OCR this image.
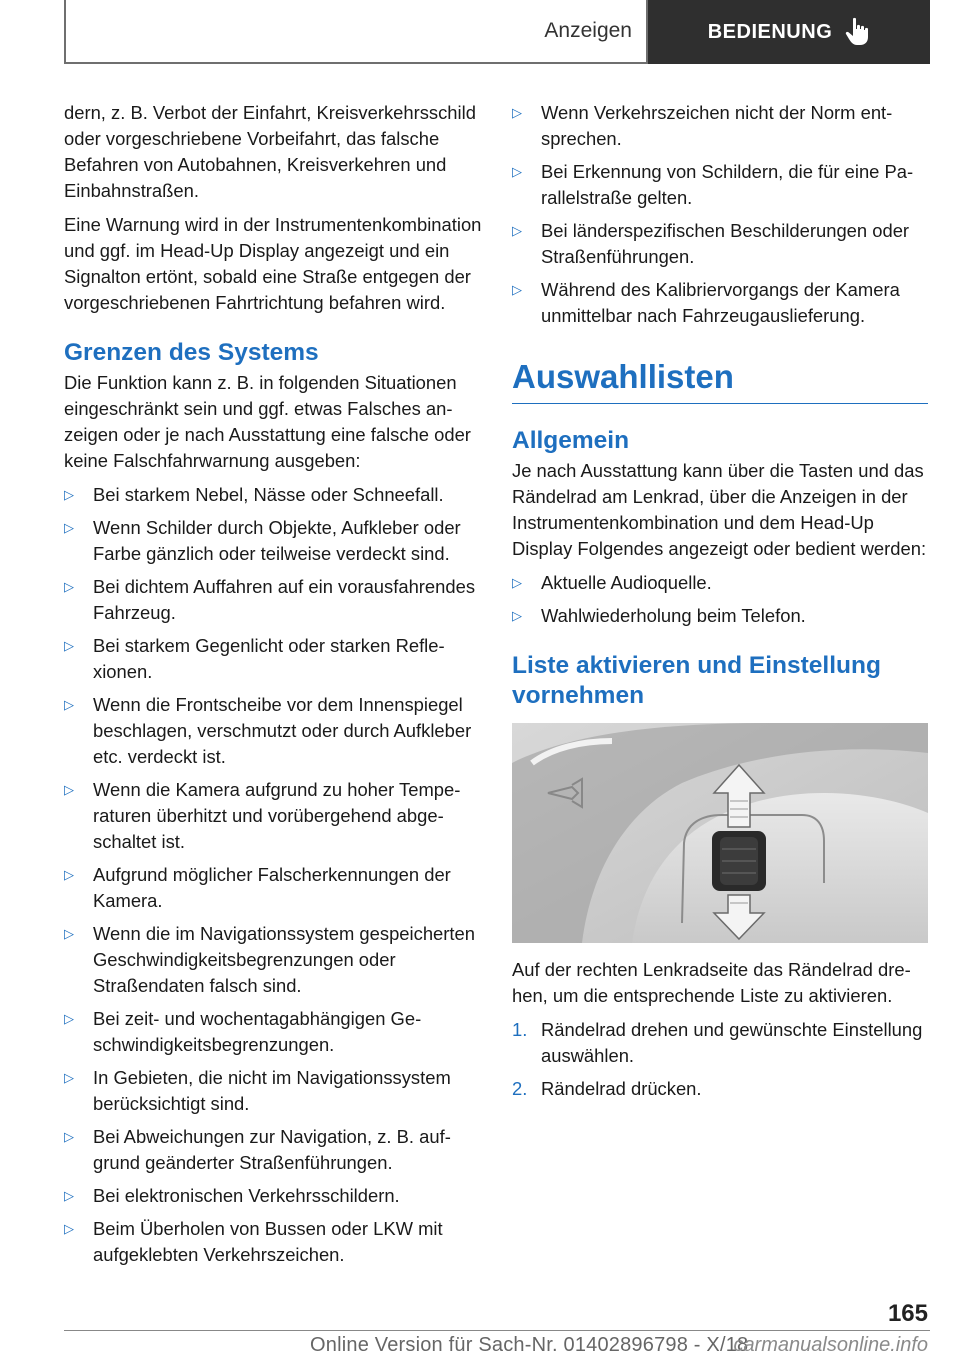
Anzeigen	BEDIENUNG

dern, z. B. Verbot der Einfahrt, Kreisverkehrsschild oder vorgeschriebene Vorbeifahrt, das falsche Befahren von Autobahnen, Kreisverkehren und Einbahnstraßen.

Eine Warnung wird in der Instrumentenkombination und ggf. im Head-Up Display angezeigt und ein Signalton ertönt, sobald eine Straße entgegen der vorgeschriebenen Fahrtrichtung befahren wird.

Grenzen des Systems

Die Funktion kann z. B. in folgenden Situationen eingeschränkt sein und ggf. etwas Falsches anzeigen oder je nach Ausstattung eine falsche oder keine Falschfahrwarnung ausgeben:

▷ Bei starkem Nebel, Nässe oder Schneefall.
▷ Wenn Schilder durch Objekte, Aufkleber oder Farbe gänzlich oder teilweise verdeckt sind.
▷ Bei dichtem Auffahren auf ein vorausfahrendes Fahrzeug.
▷ Bei starkem Gegenlicht oder starken Reflexionen.
▷ Wenn die Frontscheibe vor dem Innenspiegel beschlagen, verschmutzt oder durch Aufkleber etc. verdeckt ist.
▷ Wenn die Kamera aufgrund zu hoher Temperaturen überhitzt und vorübergehend abgeschaltet ist.
▷ Aufgrund möglicher Falscherkennungen der Kamera.
▷ Wenn die im Navigationssystem gespeicherten Geschwindigkeitsbegrenzungen oder Straßendaten falsch sind.
▷ Bei zeit- und wochentagabhängigen Geschwindigkeitsbegrenzungen.
▷ In Gebieten, die nicht im Navigationssystem berücksichtigt sind.
▷ Bei Abweichungen zur Navigation, z. B. aufgrund geänderter Straßenführungen.
▷ Bei elektronischen Verkehrsschildern.
▷ Beim Überholen von Bussen oder LKW mit aufgeklebten Verkehrszeichen.
▷ Wenn Verkehrszeichen nicht der Norm entsprechen.
▷ Bei Erkennung von Schildern, die für eine Parallelstraße gelten.
▷ Bei länderspezifischen Beschilderungen oder Straßenführungen.
▷ Während des Kalibriervorgangs der Kamera unmittelbar nach Fahrzeugauslieferung.
Auswahllisten
Allgemein

Je nach Ausstattung kann über die Tasten und das Rändelrad am Lenkrad, über die Anzeigen in der Instrumentenkombination und dem Head-Up Display Folgendes angezeigt oder bedient werden:

▷ Aktuelle Audioquelle.
▷ Wahlwiederholung beim Telefon.
Liste aktivieren und Einstellung vornehmen

Auf der rechten Lenkradseite das Rändelrad drehen, um die entsprechende Liste zu aktivieren.

1. Rändelrad drehen und gewünschte Einstellung auswählen.
2. Rändelrad drücken.
165
Online Version für Sach-Nr. 01402896798 - X/18
carmanualsonline.info
